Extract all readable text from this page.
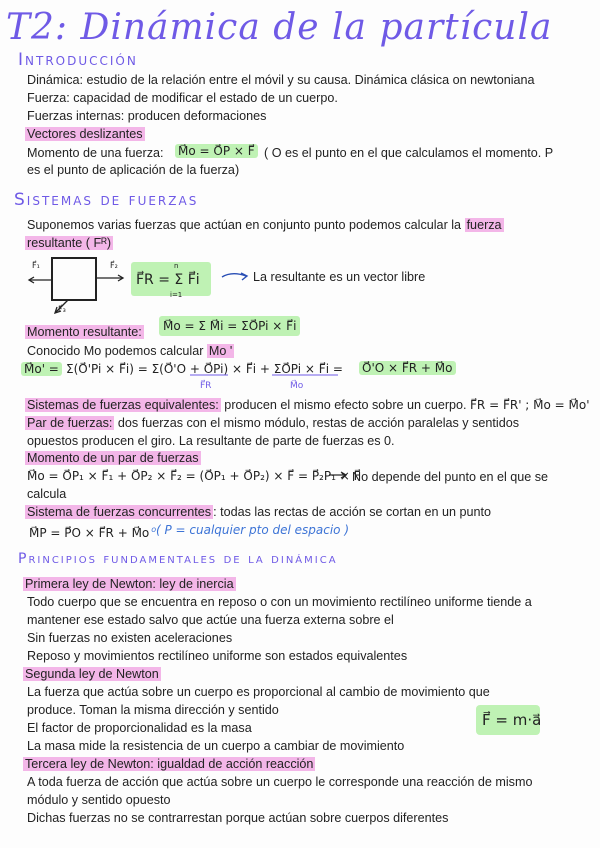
T2: Dinámica de la partícula
Introducción
Dinámica: estudio de la relación entre el móvil y su causa. Dinámica clásica on newtoniana
Fuerza: capacidad de modificar el estado de un cuerpo.
Fuerzas internas: producen deformaciones
Vectores deslizantes
Momento de una fuerza: M⃗o = O⃗P × F⃗ ( O es el punto en el que calculamos el momento. P
es el punto de aplicación de la fuerza)
Sistemas de fuerzas
Suponemos varias fuerzas que actúan en conjunto punto podemos calcular la fuerza
resultante ( Fᴿ)
F⃗₁	F⃗₂
F⃗₃
F⃗R = Σ F⃗i
n
i=1
La resultante es un vector libre
Momento resultante:	M⃗o = Σ M⃗i = ΣO⃗Pi × F⃗i
Conocido Mo podemos calcular Mo '
M⃗o' = Σ(O⃗'Pi × F⃗i) = Σ(O⃗'O + O⃗Pi) × F⃗i + ΣO⃗Pi × F⃗i = O⃗'O × F⃗R + M⃗o
F⃗R	M⃗o
Sistemas de fuerzas equivalentes: producen el mismo efecto sobre un cuerpo. F⃗R = F⃗R' ; M⃗o = M⃗o'
Par de fuerzas: dos fuerzas con el mismo módulo, restas de acción paralelas y sentidos
opuestos producen el giro. La resultante de parte de fuerzas es 0.
Momento de un par de fuerzas
M⃗o = O⃗P₁ × F⃗₁ + O⃗P₂ × F⃗₂ = (O⃗P₁ + O⃗P₂) × F⃗ = P⃗₂P₁ × F⃗
No depende del punto en el que se
calcula
Sistema de fuerzas concurrentes : todas las rectas de acción se cortan en un punto
M⃗P = P⃗O × F⃗R + M⃗o $^o$ ( P = cualquier pto del espacio )
Principios fundamentales de la dinámica
Primera ley de Newton: ley de inercia
Todo cuerpo que se encuentra en reposo o con un movimiento rectilíneo uniforme tiende a
mantener ese estado salvo que actúe una fuerza externa sobre el
Sin fuerzas no existen aceleraciones
Reposo y movimientos rectilíneo uniforme son estados equivalentes
Segunda ley de Newton
La fuerza que actúa sobre un cuerpo es proporcional al cambio de movimiento que
produce. Toman la misma dirección y sentido
El factor de proporcionalidad es la masa
La masa mide la resistencia de un cuerpo a cambiar de movimiento
F⃗ = m·a⃗
Tercera ley de Newton: igualdad de acción reacción
A toda fuerza de acción que actúa sobre un cuerpo le corresponde una reacción de mismo
módulo y sentido opuesto
Dichas fuerzas no se contrarrestan porque actúan sobre cuerpos diferentes
